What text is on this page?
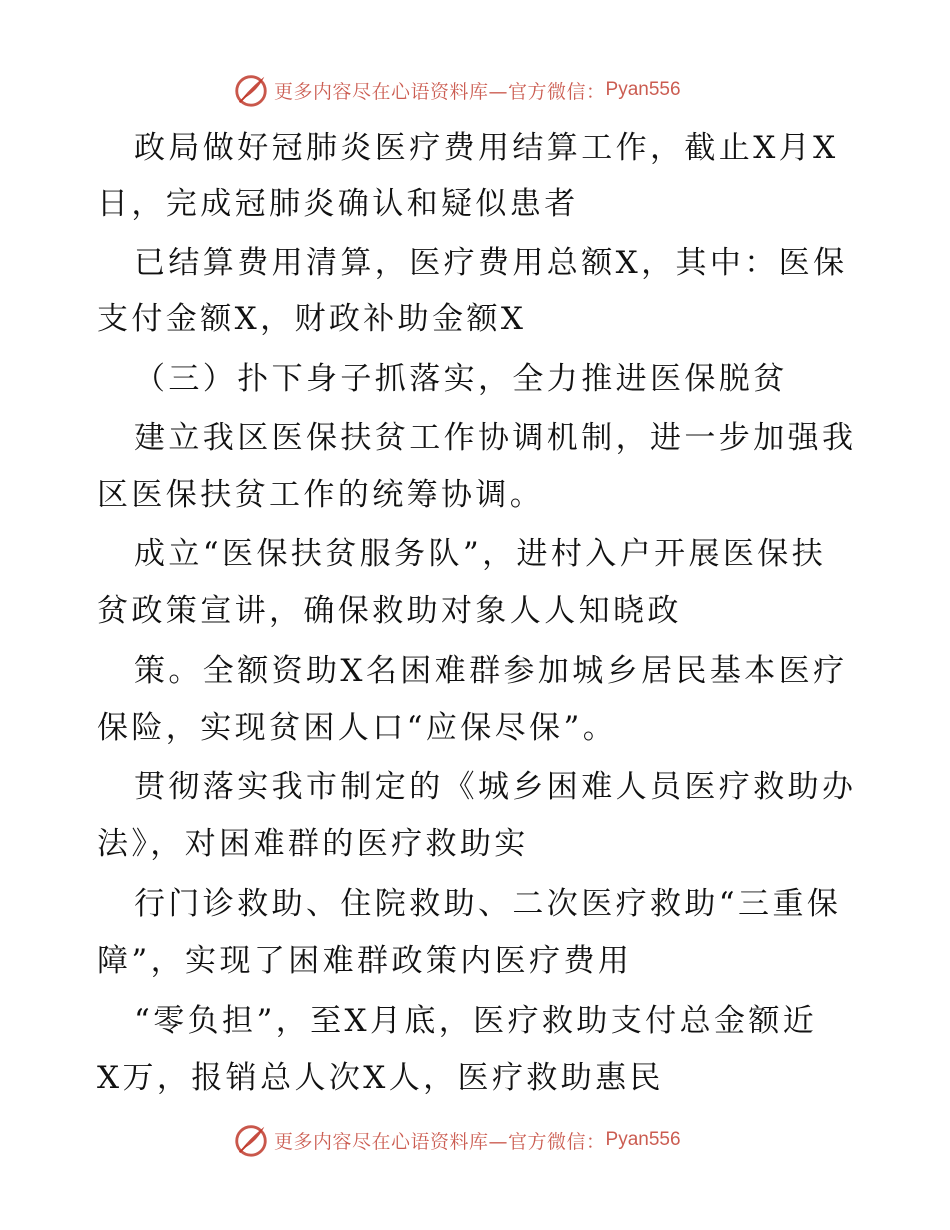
更多内容尽在心语资料库—官方微信： Pyan556
政局做好冠肺炎医疗费用结算工作，截止X月X
日，完成冠肺炎确认和疑似患者
已结算费用清算，医疗费用总额X，其中：医保
支付金额X，财政补助金额X
（三）扑下身子抓落实，全力推进医保脱贫
建立我区医保扶贫工作协调机制，进一步加强我
区医保扶贫工作的统筹协调。
成立“医保扶贫服务队”，进村入户开展医保扶
贫政策宣讲，确保救助对象人人知晓政
策。全额资助X名困难群参加城乡居民基本医疗
保险，实现贫困人口“应保尽保”。
贯彻落实我市制定的《城乡困难人员医疗救助办
法》，对困难群的医疗救助实
行门诊救助、住院救助、二次医疗救助“三重保
障”，实现了困难群政策内医疗费用
“零负担”，至X月底，医疗救助支付总金额近
X万，报销总人次X人，医疗救助惠民
更多内容尽在心语资料库—官方微信： Pyan556
